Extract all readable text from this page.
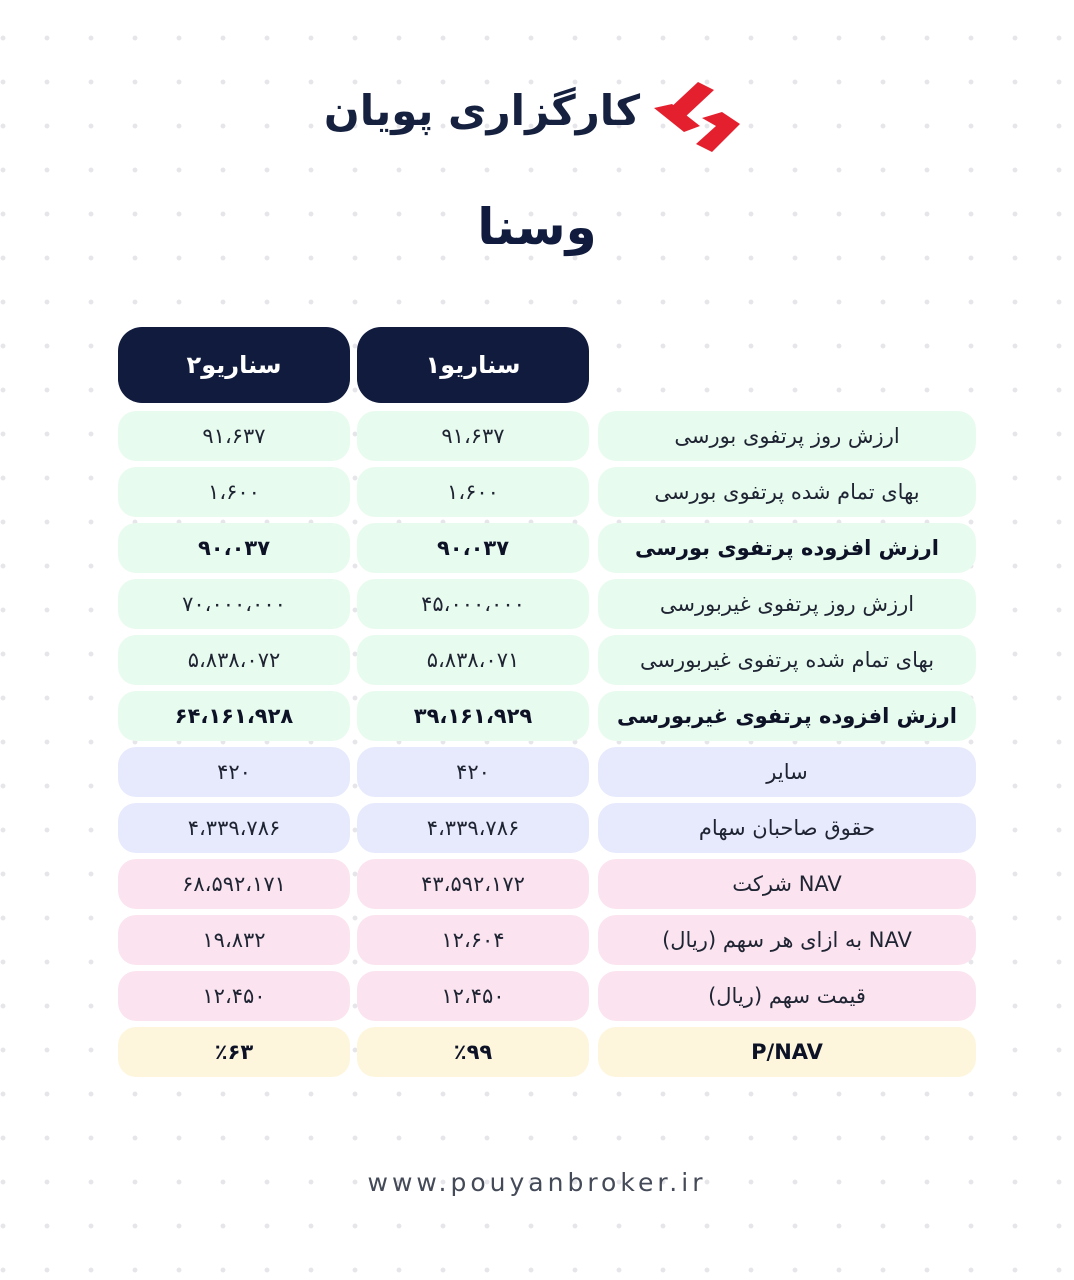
کارگزاری پویان
وسنا
سناریو۱
سناریو۲
ارزش روز پرتفوی بورسی
۹۱،۶۳۷
۹۱،۶۳۷
بهای تمام شده پرتفوی بورسی
۱،۶۰۰
۱،۶۰۰
ارزش افزوده پرتفوی بورسی
۹۰،۰۳۷
۹۰،۰۳۷
ارزش روز پرتفوی غیربورسی
۴۵،۰۰۰،۰۰۰
۷۰،۰۰۰،۰۰۰
بهای تمام شده پرتفوی غیربورسی
۵،۸۳۸،۰۷۱
۵،۸۳۸،۰۷۲
ارزش افزوده پرتفوی غیربورسی
۳۹،۱۶۱،۹۲۹
۶۴،۱۶۱،۹۲۸
سایر
۴۲۰
۴۲۰
حقوق صاحبان سهام
۴،۳۳۹،۷۸۶
۴،۳۳۹،۷۸۶
NAV شرکت
۴۳،۵۹۲،۱۷۲
۶۸،۵۹۲،۱۷۱
NAV به ازای هر سهم (ریال)
۱۲،۶۰۴
۱۹،۸۳۲
قیمت سهم (ریال)
۱۲،۴۵۰
۱۲،۴۵۰
P/NAV
٪۹۹
٪۶۳
www.pouyanbroker.ir
